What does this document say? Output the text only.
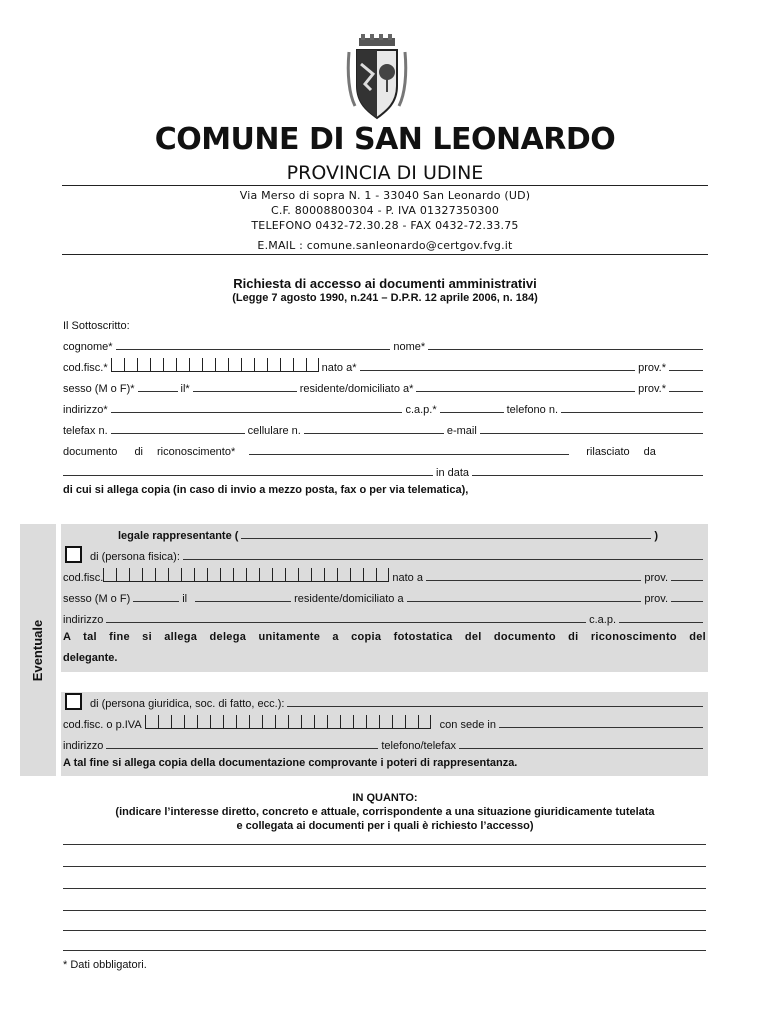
COMUNE DI SAN LEONARDO
PROVINCIA DI UDINE
Via Merso di sopra N. 1 - 33040 San Leonardo (UD)
C.F. 80008800304 - P. IVA 01327350300
TELEFONO 0432-72.30.28 - FAX 0432-72.33.75
E.MAIL : comune.sanleonardo@certgov.fvg.it
Richiesta di accesso ai documenti amministrativi
(Legge 7 agosto 1990, n.241 – D.P.R. 12 aprile 2006, n. 184)
Il Sottoscritto:
cognome*	nome*
cod.fisc.*	nato a*	prov.*
sesso (M o F)*	il*	residente/domiciliato a*	prov.*
indirizzo*	c.a.p.*	telefono n.
telefax n.	cellulare n.	e-mail
documento di riconoscimento*	rilasciato da
in data
di cui si allega copia (in caso di invio a mezzo posta, fax o per via telematica),
Eventuale
legale rappresentante (	)
di (persona fisica):
cod.fisc.	nato a	prov.
sesso (M o F)	il	residente/domiciliato a	prov.
indirizzo	c.a.p.
A tal fine si allega delega unitamente a copia fotostatica del documento di riconoscimento del
delegante.
di (persona giuridica, soc. di fatto, ecc.):
cod.fisc. o p.IVA	con sede in
indirizzo	telefono/telefax
A tal fine si allega copia della documentazione comprovante i poteri di rappresentanza.
IN QUANTO:
(indicare l’interesse diretto, concreto e attuale, corrispondente a una situazione giuridicamente tutelata
e collegata ai documenti per i quali è richiesto l’accesso)
* Dati obbligatori.
